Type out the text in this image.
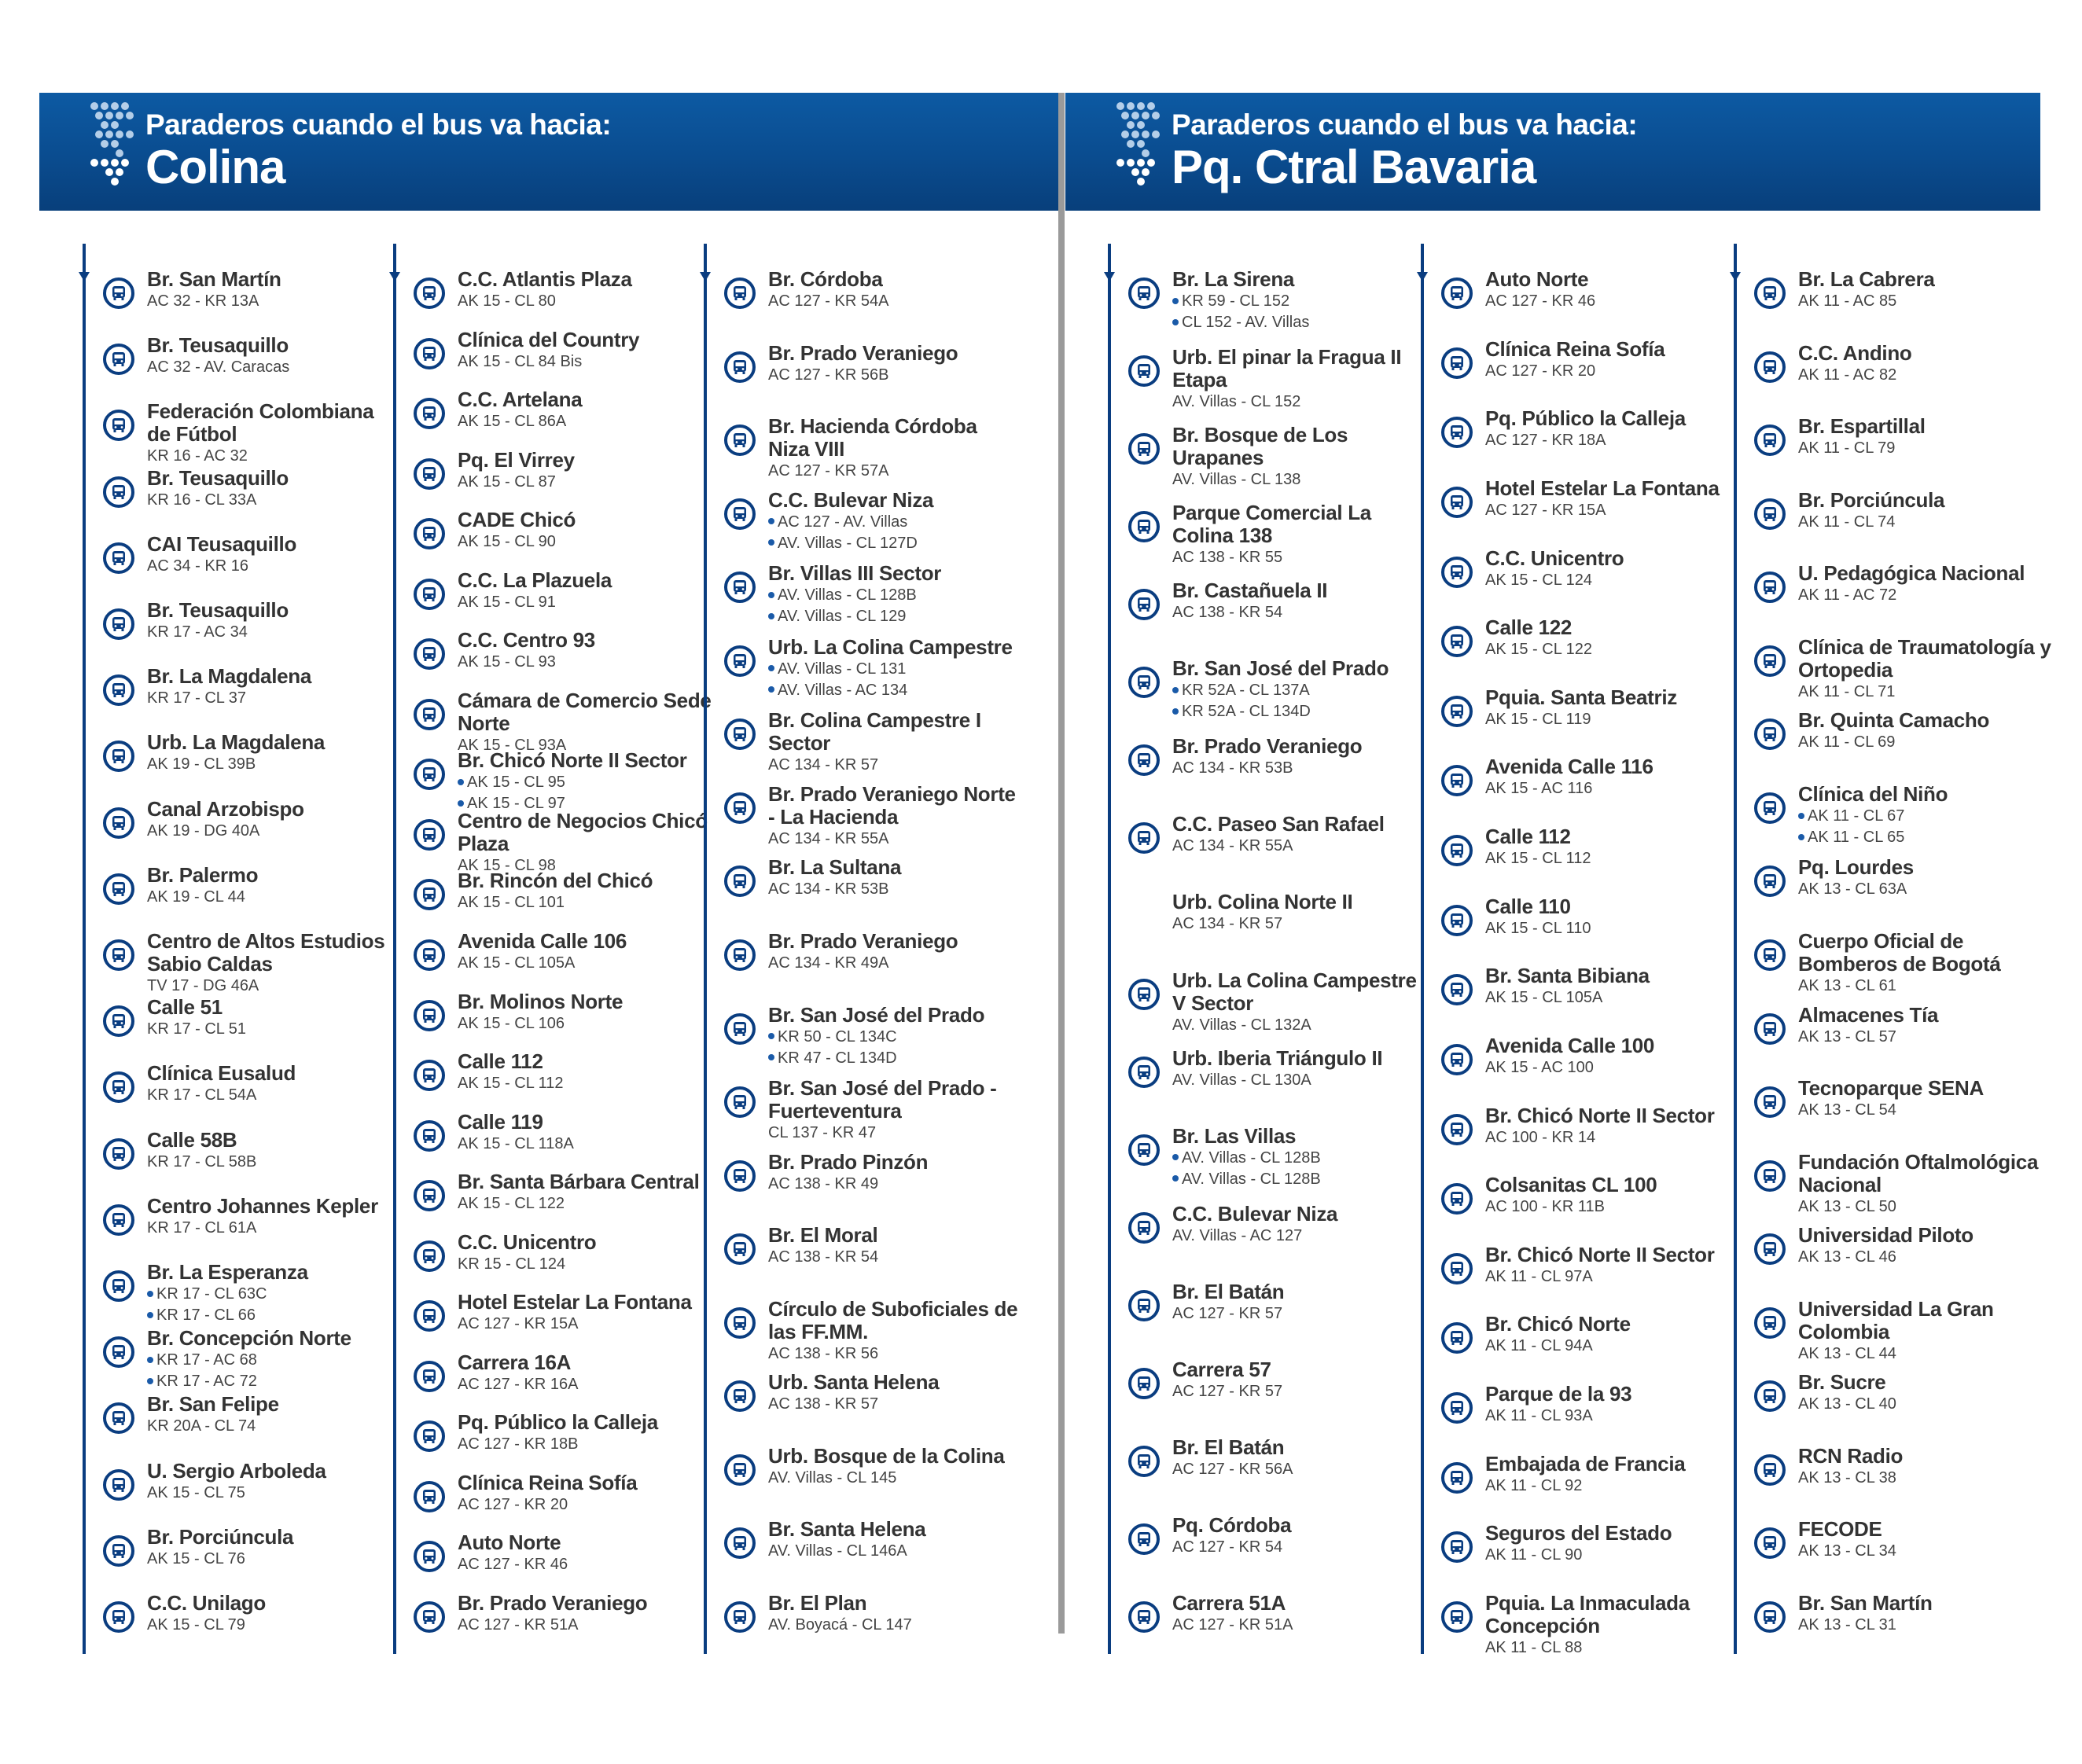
Paraderos cuando el bus va hacia:
Colina
Br. San Martín
AC 32 - KR 13A
Br. Teusaquillo
AC 32 - AV. Caracas
Federación Colombiana de Fútbol
KR 16 - AC 32
Br. Teusaquillo
KR 16 - CL 33A
CAI Teusaquillo
AC 34 - KR 16
Br. Teusaquillo
KR 17 - AC 34
Br. La Magdalena
KR 17 - CL 37
Urb. La Magdalena
AK 19 - CL 39B
Canal Arzobispo
AK 19 - DG 40A
Br. Palermo
AK 19 - CL 44
Centro de Altos Estudios Sabio Caldas
TV 17 - DG 46A
Calle 51
KR 17 - CL 51
Clínica Eusalud
KR 17 - CL 54A
Calle 58B
KR 17 - CL 58B
Centro Johannes Kepler
KR 17 - CL 61A
Br. La Esperanza
KR 17 - CL 63C
KR 17 - CL 66
Br. Concepción Norte
KR 17 - AC 68
KR 17 - AC 72
Br. San Felipe
KR 20A - CL 74
U. Sergio Arboleda
AK 15 - CL 75
Br. Porciúncula
AK 15 - CL 76
C.C. Unilago
AK 15 - CL 79
C.C. Atlantis Plaza
AK 15 - CL 80
Clínica del Country
AK 15 - CL 84 Bis
C.C. Artelana
AK 15 - CL 86A
Pq. El Virrey
AK 15 - CL 87
CADE Chicó
AK 15 - CL 90
C.C. La Plazuela
AK 15 - CL 91
C.C. Centro 93
AK 15 - CL 93
Cámara de Comercio Sede Norte
AK 15 - CL 93A
Br. Chicó Norte II Sector
AK 15 - CL 95
AK 15 - CL 97
Centro de Negocios Chicó Plaza
AK 15 - CL 98
Br. Rincón del Chicó
AK 15 - CL 101
Avenida Calle 106
AK 15 - CL 105A
Br. Molinos Norte
AK 15 - CL 106
Calle 112
AK 15 - CL 112
Calle 119
AK 15 - CL 118A
Br. Santa Bárbara Central
AK 15 - CL 122
C.C. Unicentro
KR 15 - CL 124
Hotel Estelar La Fontana
AC 127 - KR 15A
Carrera 16A
AC 127 - KR 16A
Pq. Público la Calleja
AC 127 - KR 18B
Clínica Reina Sofía
AC 127 - KR 20
Auto Norte
AC 127 - KR 46
Br. Prado Veraniego
AC 127 - KR 51A
Br. Córdoba
AC 127 - KR 54A
Br. Prado Veraniego
AC 127 - KR 56B
Br. Hacienda Córdoba Niza VIII
AC 127 - KR 57A
C.C. Bulevar Niza
AC 127 - AV. Villas
AV. Villas - CL 127D
Br. Villas III Sector
AV. Villas - CL 128B
AV. Villas - CL 129
Urb. La Colina Campestre
AV. Villas - CL 131
AV. Villas - AC 134
Br. Colina Campestre I Sector
AC 134 - KR 57
Br. Prado Veraniego Norte - La Hacienda
AC 134 - KR 55A
Br. La Sultana
AC 134 - KR 53B
Br. Prado Veraniego
AC 134 - KR 49A
Br. San José del Prado
KR 50 - CL 134C
KR 47 - CL 134D
Br. San José del Prado - Fuerteventura
CL 137 - KR 47
Br. Prado Pinzón
AC 138 - KR 49
Br. El Moral
AC 138 - KR 54
Círculo de Suboficiales de las FF.MM.
AC 138 - KR 56
Urb. Santa Helena
AC 138 - KR 57
Urb. Bosque de la Colina
AV. Villas - CL 145
Br. Santa Helena
AV. Villas - CL 146A
Br. El Plan
AV. Boyacá - CL 147
Paraderos cuando el bus va hacia:
Pq. Ctral Bavaria
Br. La Sirena
KR 59 - CL 152
CL 152 - AV. Villas
Urb. El pinar la Fragua II Etapa
AV. Villas - CL 152
Br. Bosque de Los Urapanes
AV. Villas - CL 138
Parque Comercial La Colina 138
AC 138 - KR 55
Br. Castañuela II
AC 138 - KR 54
Br. San José del Prado
KR 52A - CL 137A
KR 52A - CL 134D
Br. Prado Veraniego
AC 134 - KR 53B
C.C. Paseo San Rafael
AC 134 - KR 55A
Urb. Colina Norte II
AC 134 - KR 57
Urb. La Colina Campestre V Sector
AV. Villas - CL 132A
Urb. Iberia Triángulo II
AV. Villas - CL 130A
Br. Las Villas
AV. Villas - CL 128B
AV. Villas - CL 128B
C.C. Bulevar Niza
AV. Villas - AC 127
Br. El Batán
AC 127 - KR 57
Carrera 57
AC 127 - KR 57
Br. El Batán
AC 127 - KR 56A
Pq. Córdoba
AC 127 - KR 54
Carrera 51A
AC 127 - KR 51A
Auto Norte
AC 127 - KR 46
Clínica Reina Sofía
AC 127 - KR 20
Pq. Público la Calleja
AC 127 - KR 18A
Hotel Estelar La Fontana
AC 127 - KR 15A
C.C. Unicentro
AK 15 - CL 124
Calle 122
AK 15 - CL 122
Pquia. Santa Beatriz
AK 15 - CL 119
Avenida Calle 116
AK 15 - AC 116
Calle 112
AK 15 - CL 112
Calle 110
AK 15 - CL 110
Br. Santa Bibiana
AK 15 - CL 105A
Avenida Calle 100
AK 15 - AC 100
Br. Chicó Norte II Sector
AC 100 - KR 14
Colsanitas CL 100
AC 100 - KR 11B
Br. Chicó Norte II Sector
AK 11 - CL 97A
Br. Chicó Norte
AK 11 - CL 94A
Parque de la 93
AK 11 - CL 93A
Embajada de Francia
AK 11 - CL 92
Seguros del Estado
AK 11 - CL 90
Pquia. La Inmaculada Concepción
AK 11 - CL 88
Br. La Cabrera
AK 11 - AC 85
C.C. Andino
AK 11 - AC 82
Br. Espartillal
AK 11 - CL 79
Br. Porciúncula
AK 11 - CL 74
U. Pedagógica Nacional
AK 11 - AC 72
Clínica de Traumatología y Ortopedia
AK 11 - CL 71
Br. Quinta Camacho
AK 11 - CL 69
Clínica del Niño
AK 11 - CL 67
AK 11 - CL 65
Pq. Lourdes
AK 13 - CL 63A
Cuerpo Oficial de Bomberos de Bogotá
AK 13 - CL 61
Almacenes Tía
AK 13 - CL 57
Tecnoparque SENA
AK 13 - CL 54
Fundación Oftalmológica Nacional
AK 13 - CL 50
Universidad Piloto
AK 13 - CL 46
Universidad La Gran Colombia
AK 13 - CL 44
Br. Sucre
AK 13 - CL 40
RCN Radio
AK 13 - CL 38
FECODE
AK 13 - CL 34
Br. San Martín
AK 13 - CL 31
